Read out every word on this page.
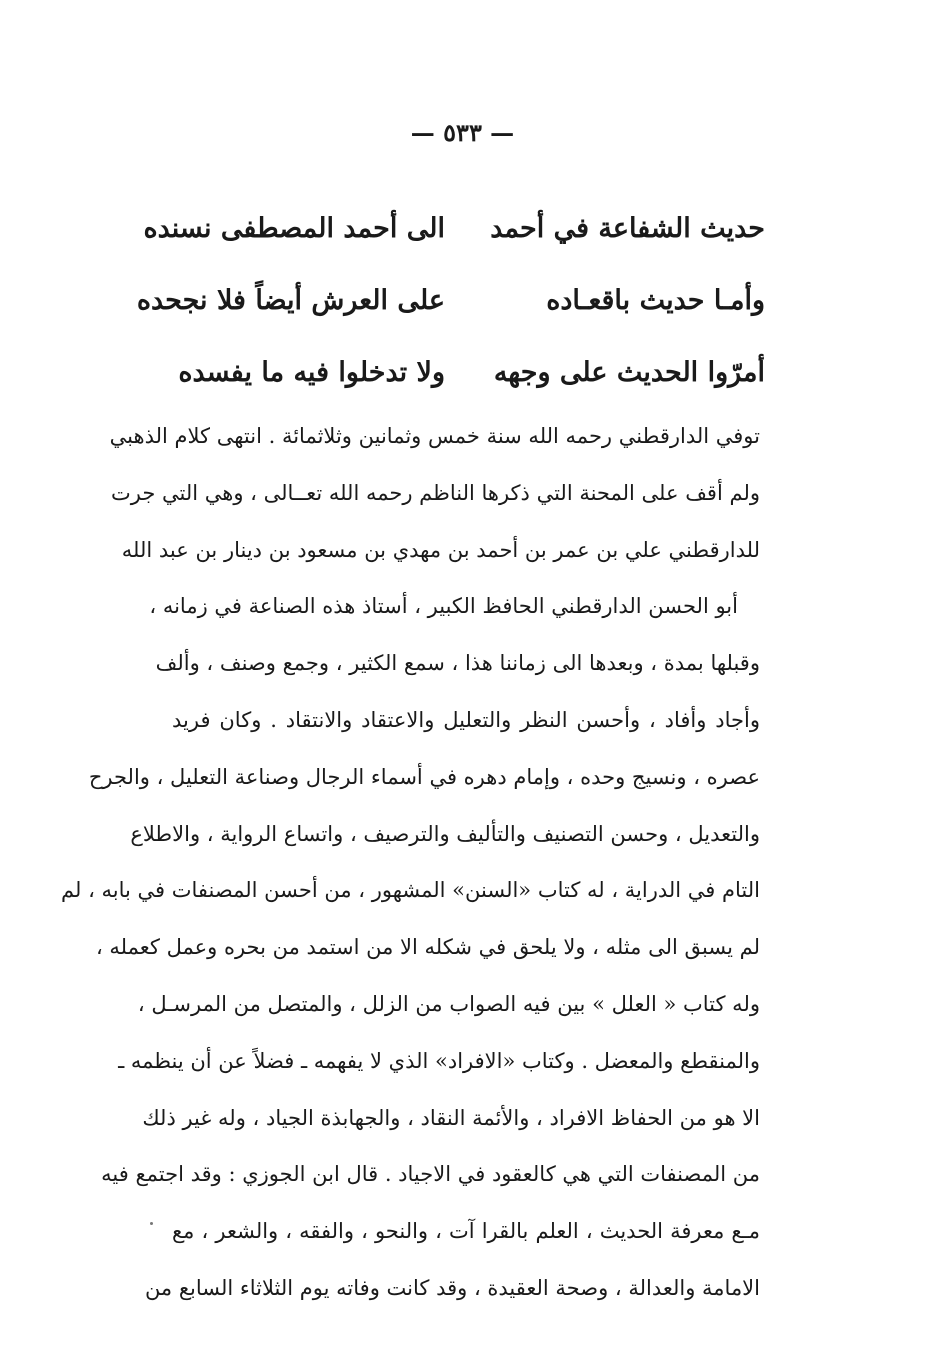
— ٥٣٣ —
حديث الشفاعة في أحمد
الى أحمد المصطفى نسنده
وأمـا حديث باقعـاده
على العرش أيضاً فلا نجحده
أمرّوا الحديث على وجهه
ولا تدخلوا فيه ما يفسده
توفي الدارقطني رحمه الله سنة خمس وثمانين وثلاثمائة . انتهى كلام الذهبي
ولم أقف على المحنة التي ذكرها الناظم رحمه الله تعــالى ، وهي التي جرت
للدارقطني علي بن عمر بن أحمد بن مهدي بن مسعود بن دينار بن عبد الله
أبو الحسن الدارقطني الحافظ الكبير ، أستاذ هذه الصناعة في زمانه ،
وقبلها بمدة ، وبعدها الى زماننا هذا ، سمع الكثير ، وجمع وصنف ، وألف
وأجاد وأفاد ، وأحسن النظر والتعليل والاعتقاد والانتقاد . وكان فريد
عصره ، ونسيج وحده ، وإمام دهره في أسماء الرجال وصناعة التعليل ، والجرح
والتعديل ، وحسن التصنيف والتأليف والترصيف ، واتساع الرواية ، والاطلاع
التام في الدراية ، له كتاب «السنن» المشهور ، من أحسن المصنفات في بابه ، لم
لم يسبق الى مثله ، ولا يلحق في شكله الا من استمد من بحره وعمل كعمله ،
وله كتاب « العلل » بين فيه الصواب من الزلل ، والمتصل من المرسـل ،
والمنقطع والمعضل . وكتاب «الافراد» الذي لا يفهمه ـ فضلاً عن أن ينظمه ـ
الا هو من الحفاظ الافراد ، والأئمة النقاد ، والجهابذة الجياد ، وله غير ذلك
من المصنفات التي هي كالعقود في الاجياد . قال ابن الجوزي : وقد اجتمع فيه
مـع معرفة الحديث ، العلم بالقرا آت ، والنحو ، والفقه ، والشعر ، مع
الامامة والعدالة ، وصحة العقيدة ، وقد كانت وفاته يوم الثلاثاء السابع من
